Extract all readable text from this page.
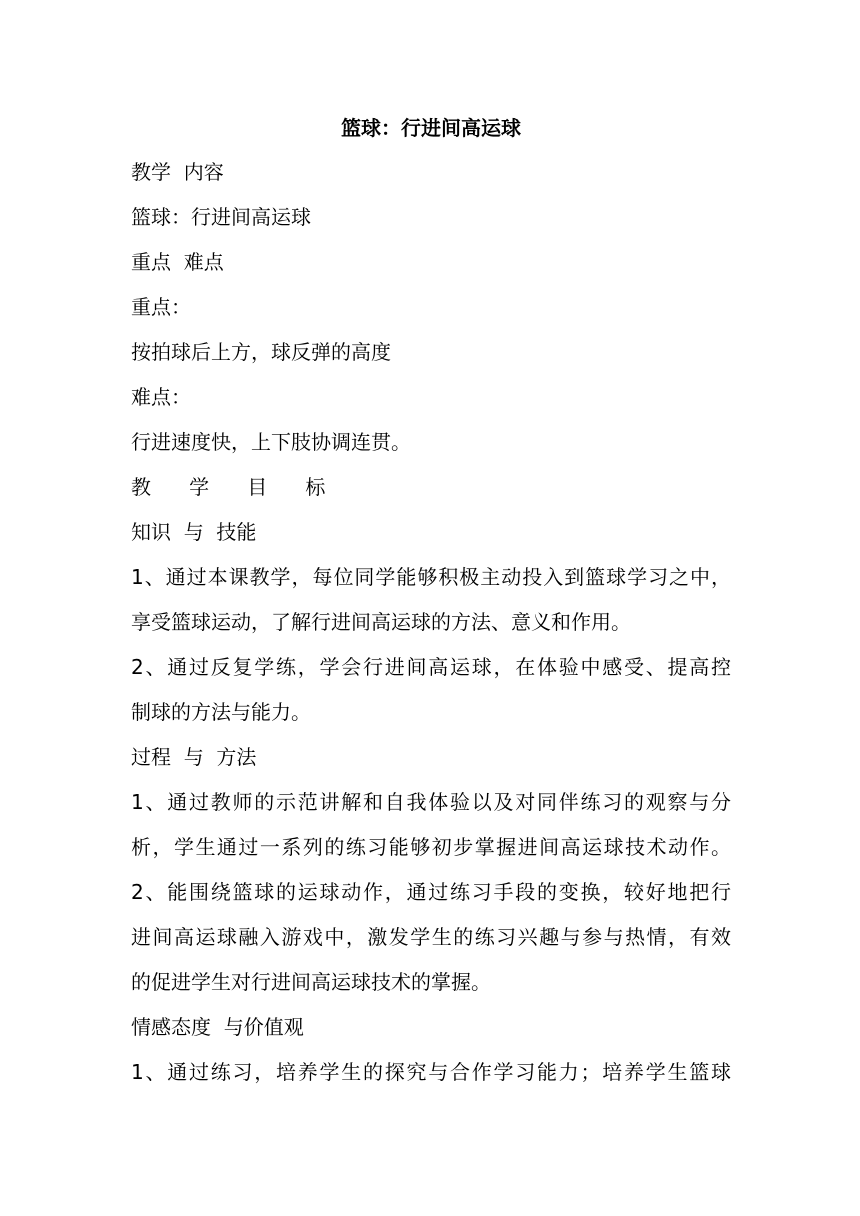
篮球：行进间高运球
教学  内容
篮球：行进间高运球
重点  难点
重点：
按拍球后上方，球反弹的高度
难点：
行进速度快，上下肢协调连贯。
教      学      目      标
知识  与  技能
1、通过本课教学，每位同学能够积极主动投入到篮球学习之中，
享受篮球运动，了解行进间高运球的方法、意义和作用。
2、通过反复学练，学会行进间高运球，在体验中感受、提高控
制球的方法与能力。
过程  与  方法
1、通过教师的示范讲解和自我体验以及对同伴练习的观察与分
析，学生通过一系列的练习能够初步掌握进间高运球技术动作。
2、能围绕篮球的运球动作，通过练习手段的变换，较好地把行
进间高运球融入游戏中，激发学生的练习兴趣与参与热情，有效
的促进学生对行进间高运球技术的掌握。
情感态度  与价值观
1、通过练习，培养学生的探究与合作学习能力；培养学生篮球
